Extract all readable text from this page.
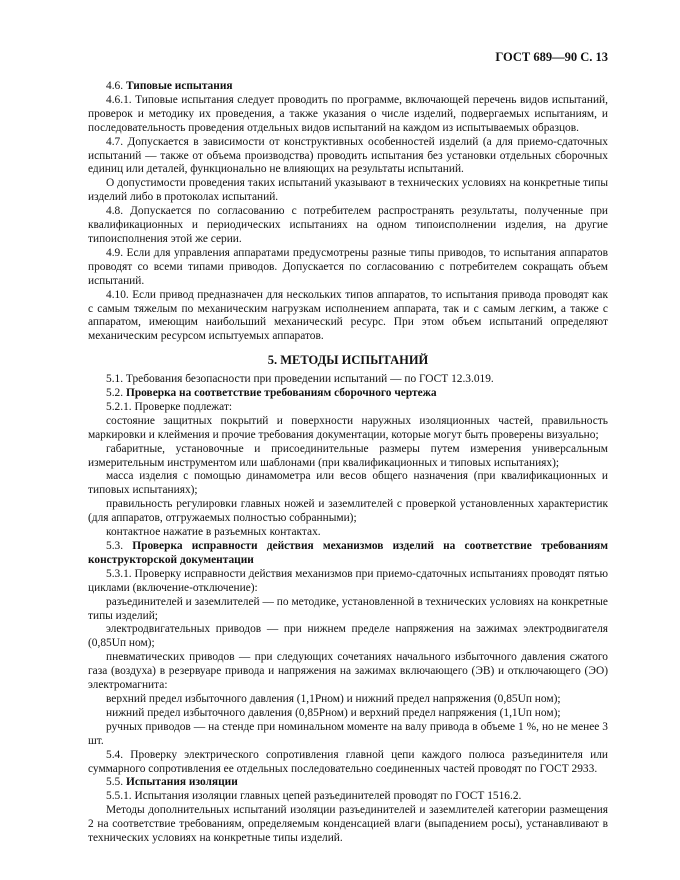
ГОСТ 689—90 С. 13

4.6. Типовые испытания

4.6.1. Типовые испытания следует проводить по программе, включающей перечень видов испытаний, проверок и методику их проведения, а также указания о числе изделий, подвергаемых испытаниям, и последовательность проведения отдельных видов испытаний на каждом из испытываемых образцов.

4.7. Допускается в зависимости от конструктивных особенностей изделий (а для приемо-сдаточных испытаний — также от объема производства) проводить испытания без установки отдельных сборочных единиц или деталей, функционально не влияющих на результаты испытаний.

О допустимости проведения таких испытаний указывают в технических условиях на конкретные типы изделий либо в протоколах испытаний.

4.8. Допускается по согласованию с потребителем распространять результаты, полученные при квалификационных и периодических испытаниях на одном типоисполнении изделия, на другие типоисполнения этой же серии.

4.9. Если для управления аппаратами предусмотрены разные типы приводов, то испытания аппаратов проводят со всеми типами приводов. Допускается по согласованию с потребителем сокращать объем испытаний.

4.10. Если привод предназначен для нескольких типов аппаратов, то испытания привода проводят как с самым тяжелым по механическим нагрузкам исполнением аппарата, так и с самым легким, а также с аппаратом, имеющим наибольший механический ресурс. При этом объем испытаний определяют механическим ресурсом испытуемых аппаратов.

5. МЕТОДЫ ИСПЫТАНИЙ

5.1. Требования безопасности при проведении испытаний — по ГОСТ 12.3.019.

5.2. Проверка на соответствие требованиям сборочного чертежа

5.2.1. Проверке подлежат:

состояние защитных покрытий и поверхности наружных изоляционных частей, правильность маркировки и клеймения и прочие требования документации, которые могут быть проверены визуально;

габаритные, установочные и присоединительные размеры путем измерения универсальным измерительным инструментом или шаблонами (при квалификационных и типовых испытаниях);

масса изделия с помощью динамометра или весов общего назначения (при квалификационных и типовых испытаниях);

правильность регулировки главных ножей и заземлителей с проверкой установленных характеристик (для аппаратов, отгружаемых полностью собранными);

контактное нажатие в разъемных контактах.

5.3. Проверка исправности действия механизмов изделий на соответствие требованиям конструкторской документации

5.3.1. Проверку исправности действия механизмов при приемо-сдаточных испытаниях проводят пятью циклами (включение-отключение):

разъединителей и заземлителей — по методике, установленной в технических условиях на конкретные типы изделий;

электродвигательных приводов — при нижнем пределе напряжения на зажимах электродвигателя (0,85Uп ном);

пневматических приводов — при следующих сочетаниях начального избыточного давления сжатого газа (воздуха) в резервуаре привода и напряжения на зажимах включающего (ЭВ) и отключающего (ЭО) электромагнита:

верхний предел избыточного давления (1,1Pном) и нижний предел напряжения (0,85Uп ном);

нижний предел избыточного давления (0,85Pном) и верхний предел напряжения (1,1Uп ном);

ручных приводов — на стенде при номинальном моменте на валу привода в объеме 1 %, но не менее 3 шт.

5.4. Проверку электрического сопротивления главной цепи каждого полюса разъединителя или суммарного сопротивления ее отдельных последовательно соединенных частей проводят по ГОСТ 2933.

5.5. Испытания изоляции

5.5.1. Испытания изоляции главных цепей разъединителей проводят по ГОСТ 1516.2.

Методы дополнительных испытаний изоляции разъединителей и заземлителей категории размещения 2 на соответствие требованиям, определяемым конденсацией влаги (выпадением росы), устанавливают в технических условиях на конкретные типы изделий.
